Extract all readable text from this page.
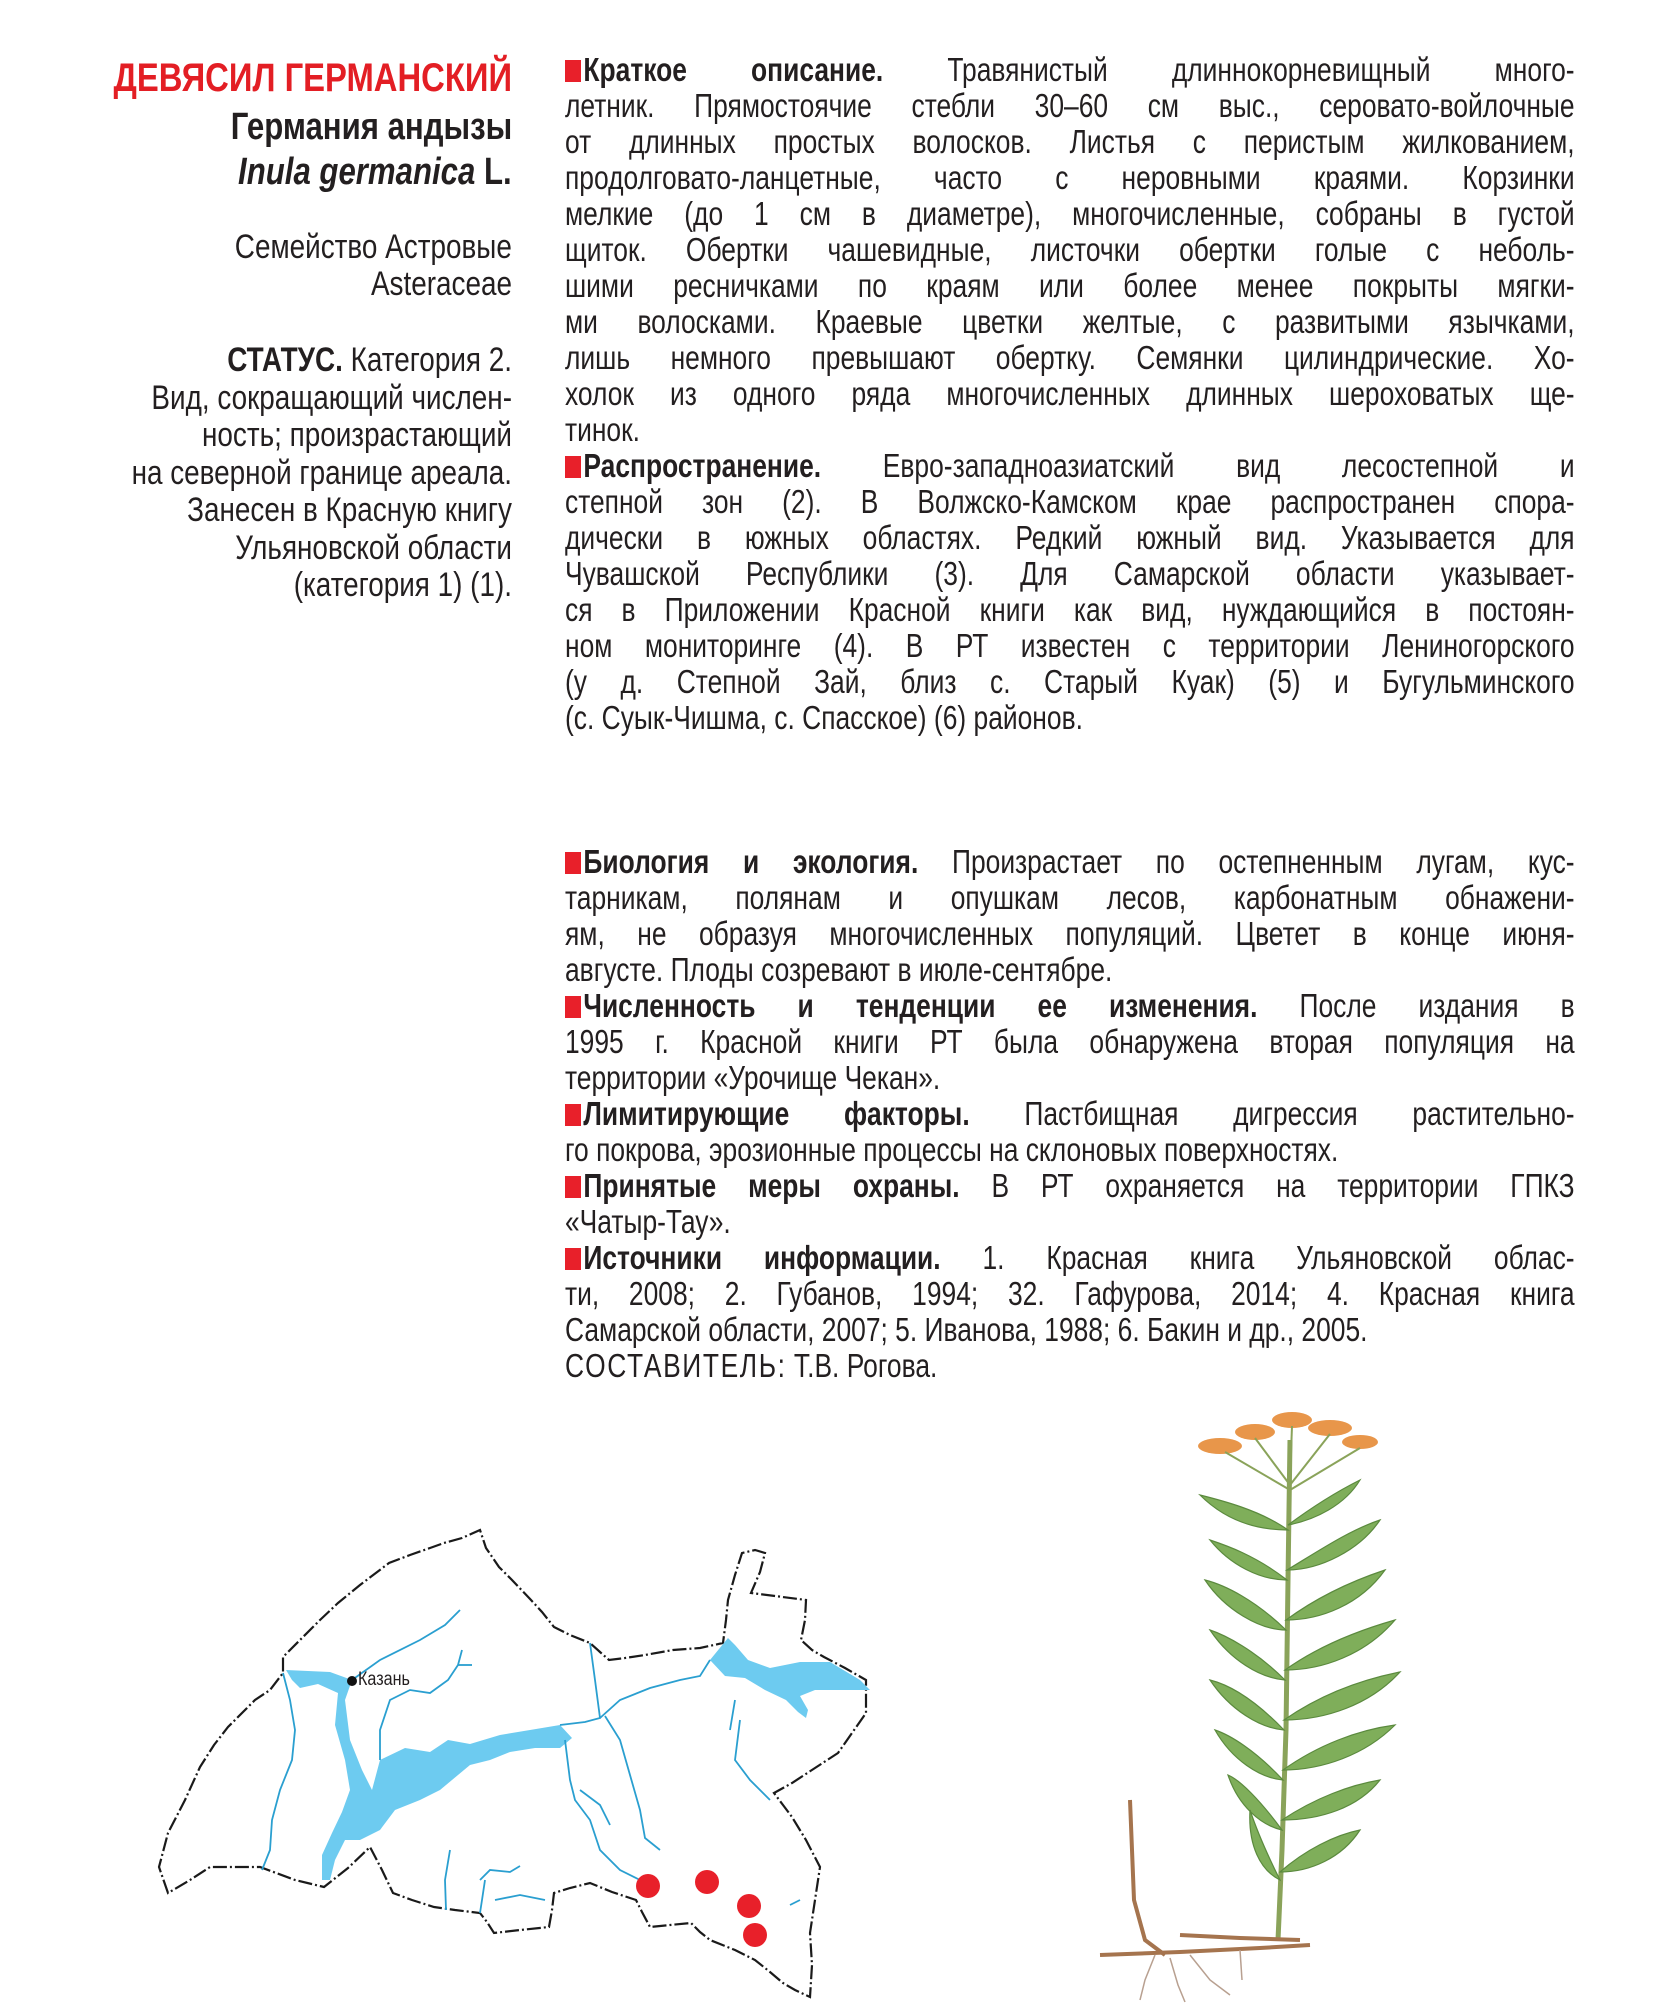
ДЕВЯСИЛ ГЕРМАНСКИЙ
Германия андызы
Inula germanica L.
Семейство Астровые
Asteraceae
СТАТУС. Категория 2.
Вид, сокращающий числен-
ность; произрастающий
на северной границе ареала.
Занесен в Красную книгу
Ульяновской области
(категория 1) (1).
Краткое описание. Травянистый длиннокорневищный много-
летник. Прямостоячие стебли 30–60 см выс., серовато-войлочные
от длинных простых волосков. Листья с перистым жилкованием,
продолговато-ланцетные, часто с неровными краями. Корзинки
мелкие (до 1 см в диаметре), многочисленные, собраны в густой
щиток. Обертки чашевидные, листочки обертки голые с неболь-
шими ресничками по краям или более менее покрыты мягки-
ми волосками. Краевые цветки желтые, с развитыми язычками,
лишь немного превышают обертку. Семянки цилиндрические. Хо-
холок из одного ряда многочисленных длинных шероховатых ще-
тинок.
Распространение. Евро-западноазиатский вид лесостепной и
степной зон (2). В Волжско-Камском крае распространен спора-
дически в южных областях. Редкий южный вид. Указывается для
Чувашской Республики (3). Для Самарской области указывает-
ся в Приложении Красной книги как вид, нуждающийся в постоян-
ном мониторинге (4). В РТ известен с территории Лениногорского
(у д. Степной Зай, близ с. Старый Куак) (5) и Бугульминского
(с. Суык-Чишма, с. Спасское) (6) районов.
Биология и экология. Произрастает по остепненным лугам, кус-
тарникам, полянам и опушкам лесов, карбонатным обнажени-
ям, не образуя многочисленных популяций. Цветет в конце июня-
августе. Плоды созревают в июле-сентябре.
Численность и тенденции ее изменения. После издания в
1995 г. Красной книги РТ была обнаружена вторая популяция на
территории «Урочище Чекан».
Лимитирующие факторы. Пастбищная дигрессия растительно-
го покрова, эрозионные процессы на склоновых поверхностях.
Принятые меры охраны. В РТ охраняется на территории ГПКЗ
«Чатыр-Тау».
Источники информации. 1. Красная книга Ульяновской облас-
ти, 2008; 2. Губанов, 1994; 32. Гафурова, 2014; 4. Красная книга
Самарской области, 2007; 5. Иванова, 1988; 6. Бакин и др., 2005.
СОСТАВИТЕЛЬ: Т.В. Рогова.
Казань
